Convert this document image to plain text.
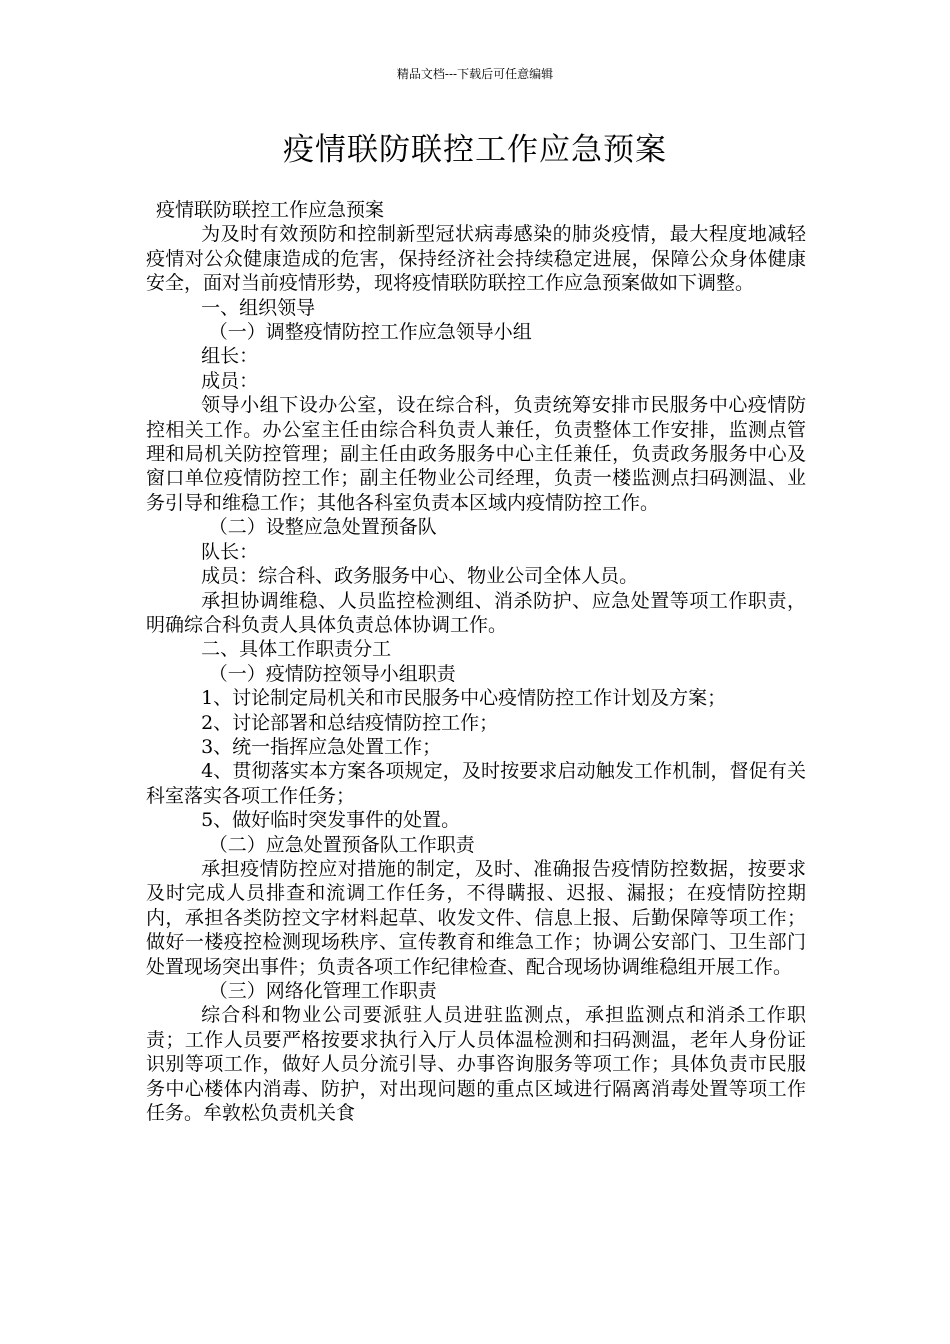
精品文档---下载后可任意编辑
疫情联防联控工作应急预案

疫情联防联控工作应急预案

为及时有效预防和控制新型冠状病毒感染的肺炎疫情，最大程度地减轻疫情对公众健康造成的危害，保持经济社会持续稳定进展，保障公众身体健康安全，面对当前疫情形势，现将疫情联防联控工作应急预案做如下调整。

一、组织领导

（一）调整疫情防控工作应急领导小组

组长：

成员：

领导小组下设办公室，设在综合科，负责统筹安排市民服务中心疫情防控相关工作。办公室主任由综合科负责人兼任，负责整体工作安排，监测点管理和局机关防控管理；副主任由政务服务中心主任兼任，负责政务服务中心及窗口单位疫情防控工作；副主任物业公司经理，负责一楼监测点扫码测温、业务引导和维稳工作；其他各科室负责本区域内疫情防控工作。

（二）设整应急处置预备队

队长：

成员：综合科、政务服务中心、物业公司全体人员。

承担协调维稳、人员监控检测组、消杀防护、应急处置等项工作职责，明确综合科负责人具体负责总体协调工作。

二、具体工作职责分工

（一）疫情防控领导小组职责

1、讨论制定局机关和市民服务中心疫情防控工作计划及方案；

2、讨论部署和总结疫情防控工作；

3、统一指挥应急处置工作；

4、贯彻落实本方案各项规定，及时按要求启动触发工作机制，督促有关科室落实各项工作任务；

5、做好临时突发事件的处置。

（二）应急处置预备队工作职责

承担疫情防控应对措施的制定，及时、准确报告疫情防控数据，按要求及时完成人员排查和流调工作任务，不得瞒报、迟报、漏报；在疫情防控期内，承担各类防控文字材料起草、收发文件、信息上报、后勤保障等项工作；做好一楼疫控检测现场秩序、宣传教育和维急工作；协调公安部门、卫生部门处置现场突出事件；负责各项工作纪律检查、配合现场协调维稳组开展工作。

（三）网络化管理工作职责

综合科和物业公司要派驻人员进驻监测点，承担监测点和消杀工作职责；工作人员要严格按要求执行入厅人员体温检测和扫码测温，老年人身份证识别等项工作，做好人员分流引导、办事咨询服务等项工作；具体负责市民服务中心楼体内消毒、防护，对出现问题的重点区域进行隔离消毒处置等项工作任务。牟敦松负责机关食
